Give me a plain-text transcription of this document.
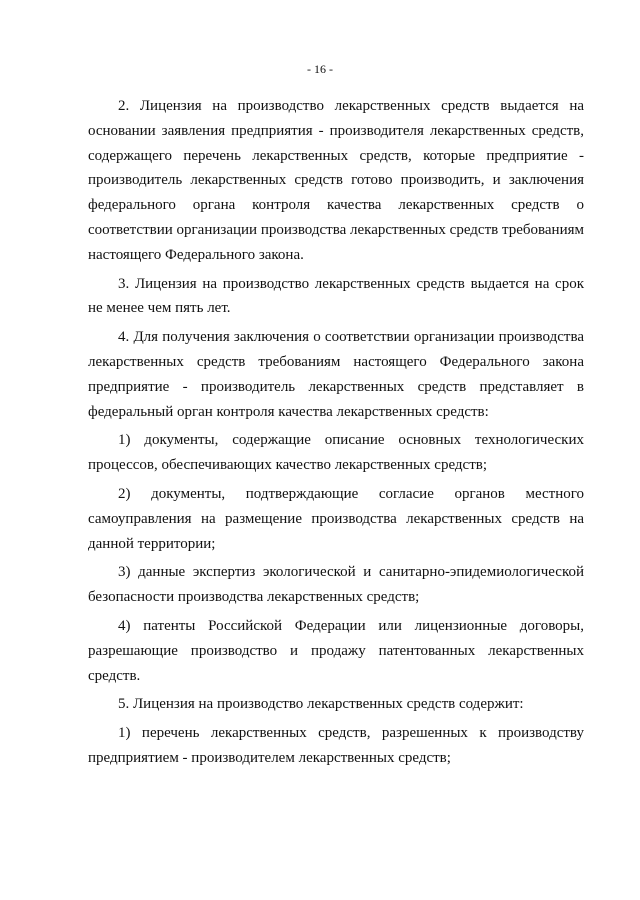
- 16 -

2. Лицензия на производство лекарственных средств выдается на основании заявления предприятия - производителя лекарственных средств, содержащего перечень лекарственных средств, которые предприятие - производитель лекарственных средств готово производить, и заключения федерального органа контроля качества лекарственных средств о соответствии организации производства лекарственных средств требованиям настоящего Федерального закона.

3. Лицензия на производство лекарственных средств выдается на срок не менее чем пять лет.

4. Для получения заключения о соответствии организации производства лекарственных средств требованиям настоящего Федерального закона предприятие - производитель лекарственных средств представляет в федеральный орган контроля качества лекарственных средств:

1) документы, содержащие описание основных технологических процессов, обеспечивающих качество лекарственных средств;

2) документы, подтверждающие согласие органов местного самоуправления на размещение производства лекарственных средств на данной территории;

3) данные экспертиз экологической и санитарно-эпидемиологической безопасности производства лекарственных средств;

4) патенты Российской Федерации или лицензионные договоры, разрешающие производство и продажу патентованных лекарственных средств.

5. Лицензия на производство лекарственных средств содержит:

1) перечень лекарственных средств, разрешенных к производству предприятием - производителем лекарственных средств;
